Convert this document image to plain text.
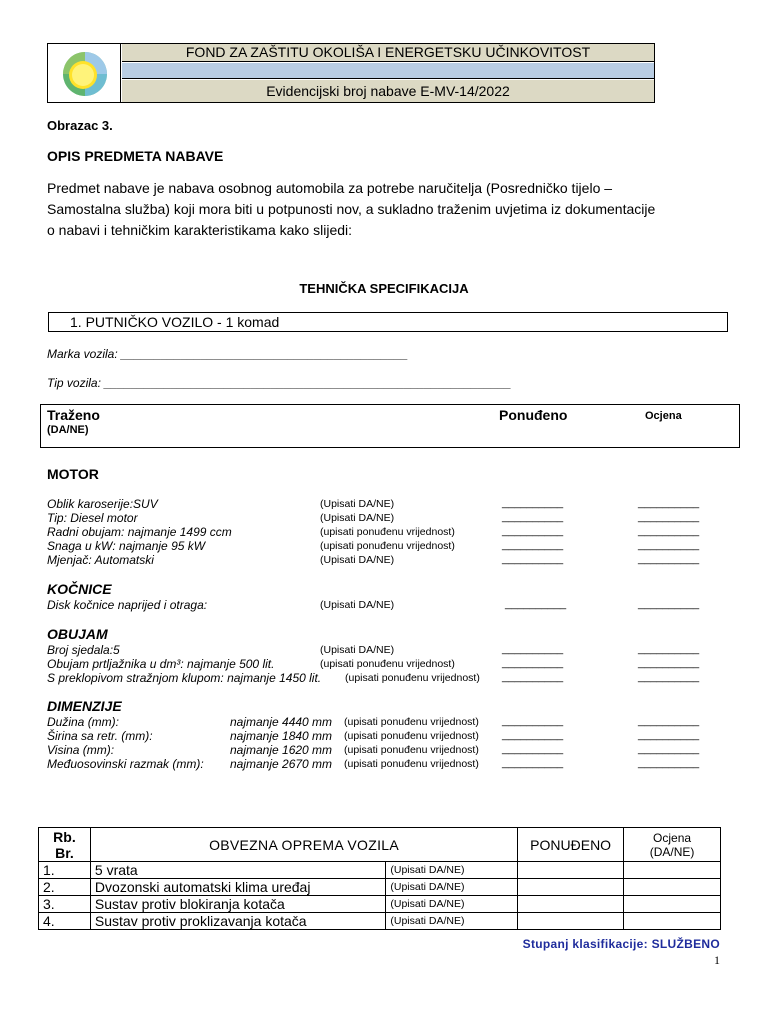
FOND ZA ZAŠTITU OKOLIŠA I ENERGETSKU UČINKOVITOST
Evidencijski broj nabave E-MV-14/2022
Obrazac 3.
OPIS PREDMETA NABAVE
Predmet nabave je nabava osobnog automobila za potrebe naručitelja (Posredničko tijelo –
Samostalna služba) koji mora biti u potpunosti nov, a sukladno traženim uvjetima iz dokumentacije
o nabavi i tehničkim karakteristikama kako slijedi:
TEHNIČKA SPECIFIKACIJA
1. PUTNIČKO VOZILO - 1 komad
Marka vozila: ___________________________________________
Tip vozila: _____________________________________________________________
Traženo
(DA/NE)
Ponuđeno	Ocjena
MOTOR
Oblik karoserije:SUV	(Upisati DA/NE)	__________	__________
Tip: Diesel motor	(Upisati DA/NE)	__________	__________
Radni obujam: najmanje 1499 ccm	(upisati ponuđenu vrijednost)	__________	__________
Snaga u kW: najmanje 95 kW	(upisati ponuđenu vrijednost)	__________	__________
Mjenjač: Automatski	(Upisati DA/NE)	__________	__________
KOČNICE
Disk kočnice naprijed i otraga:	(Upisati DA/NE)	__________	__________
OBUJAM
Broj sjedala:5	(Upisati DA/NE)	__________	__________
Obujam prtljažnika u dm³: najmanje 500 lit.	(upisati ponuđenu vrijednost)	__________	__________
S preklopivom stražnjom klupom: najmanje 1450 lit. (upisati ponuđenu vrijednost) __________	__________
DIMENZIJE
Dužina (mm):	najmanje 4440 mm (upisati ponuđenu vrijednost) __________	__________
Širina sa retr. (mm):	najmanje 1840 mm (upisati ponuđenu vrijednost) __________	__________
Visina (mm):	najmanje 1620 mm (upisati ponuđenu vrijednost) __________	__________
Međuosovinski razmak (mm): najmanje 2670 mm (upisati ponuđenu vrijednost) __________	__________
Rb.
Br.	OBVEZNA OPREMA VOZILA		PONUĐENO	Ocjena
(DA/NE)
1.	5 vrata	(Upisati DA/NE)		
2.	Dvozonski automatski klima uređaj	(Upisati DA/NE)		
3.	Sustav protiv blokiranja kotača	(Upisati DA/NE)		
4.	Sustav protiv proklizavanja kotača	(Upisati DA/NE)		
Stupanj klasifikacije: SLUŽBENO
1
